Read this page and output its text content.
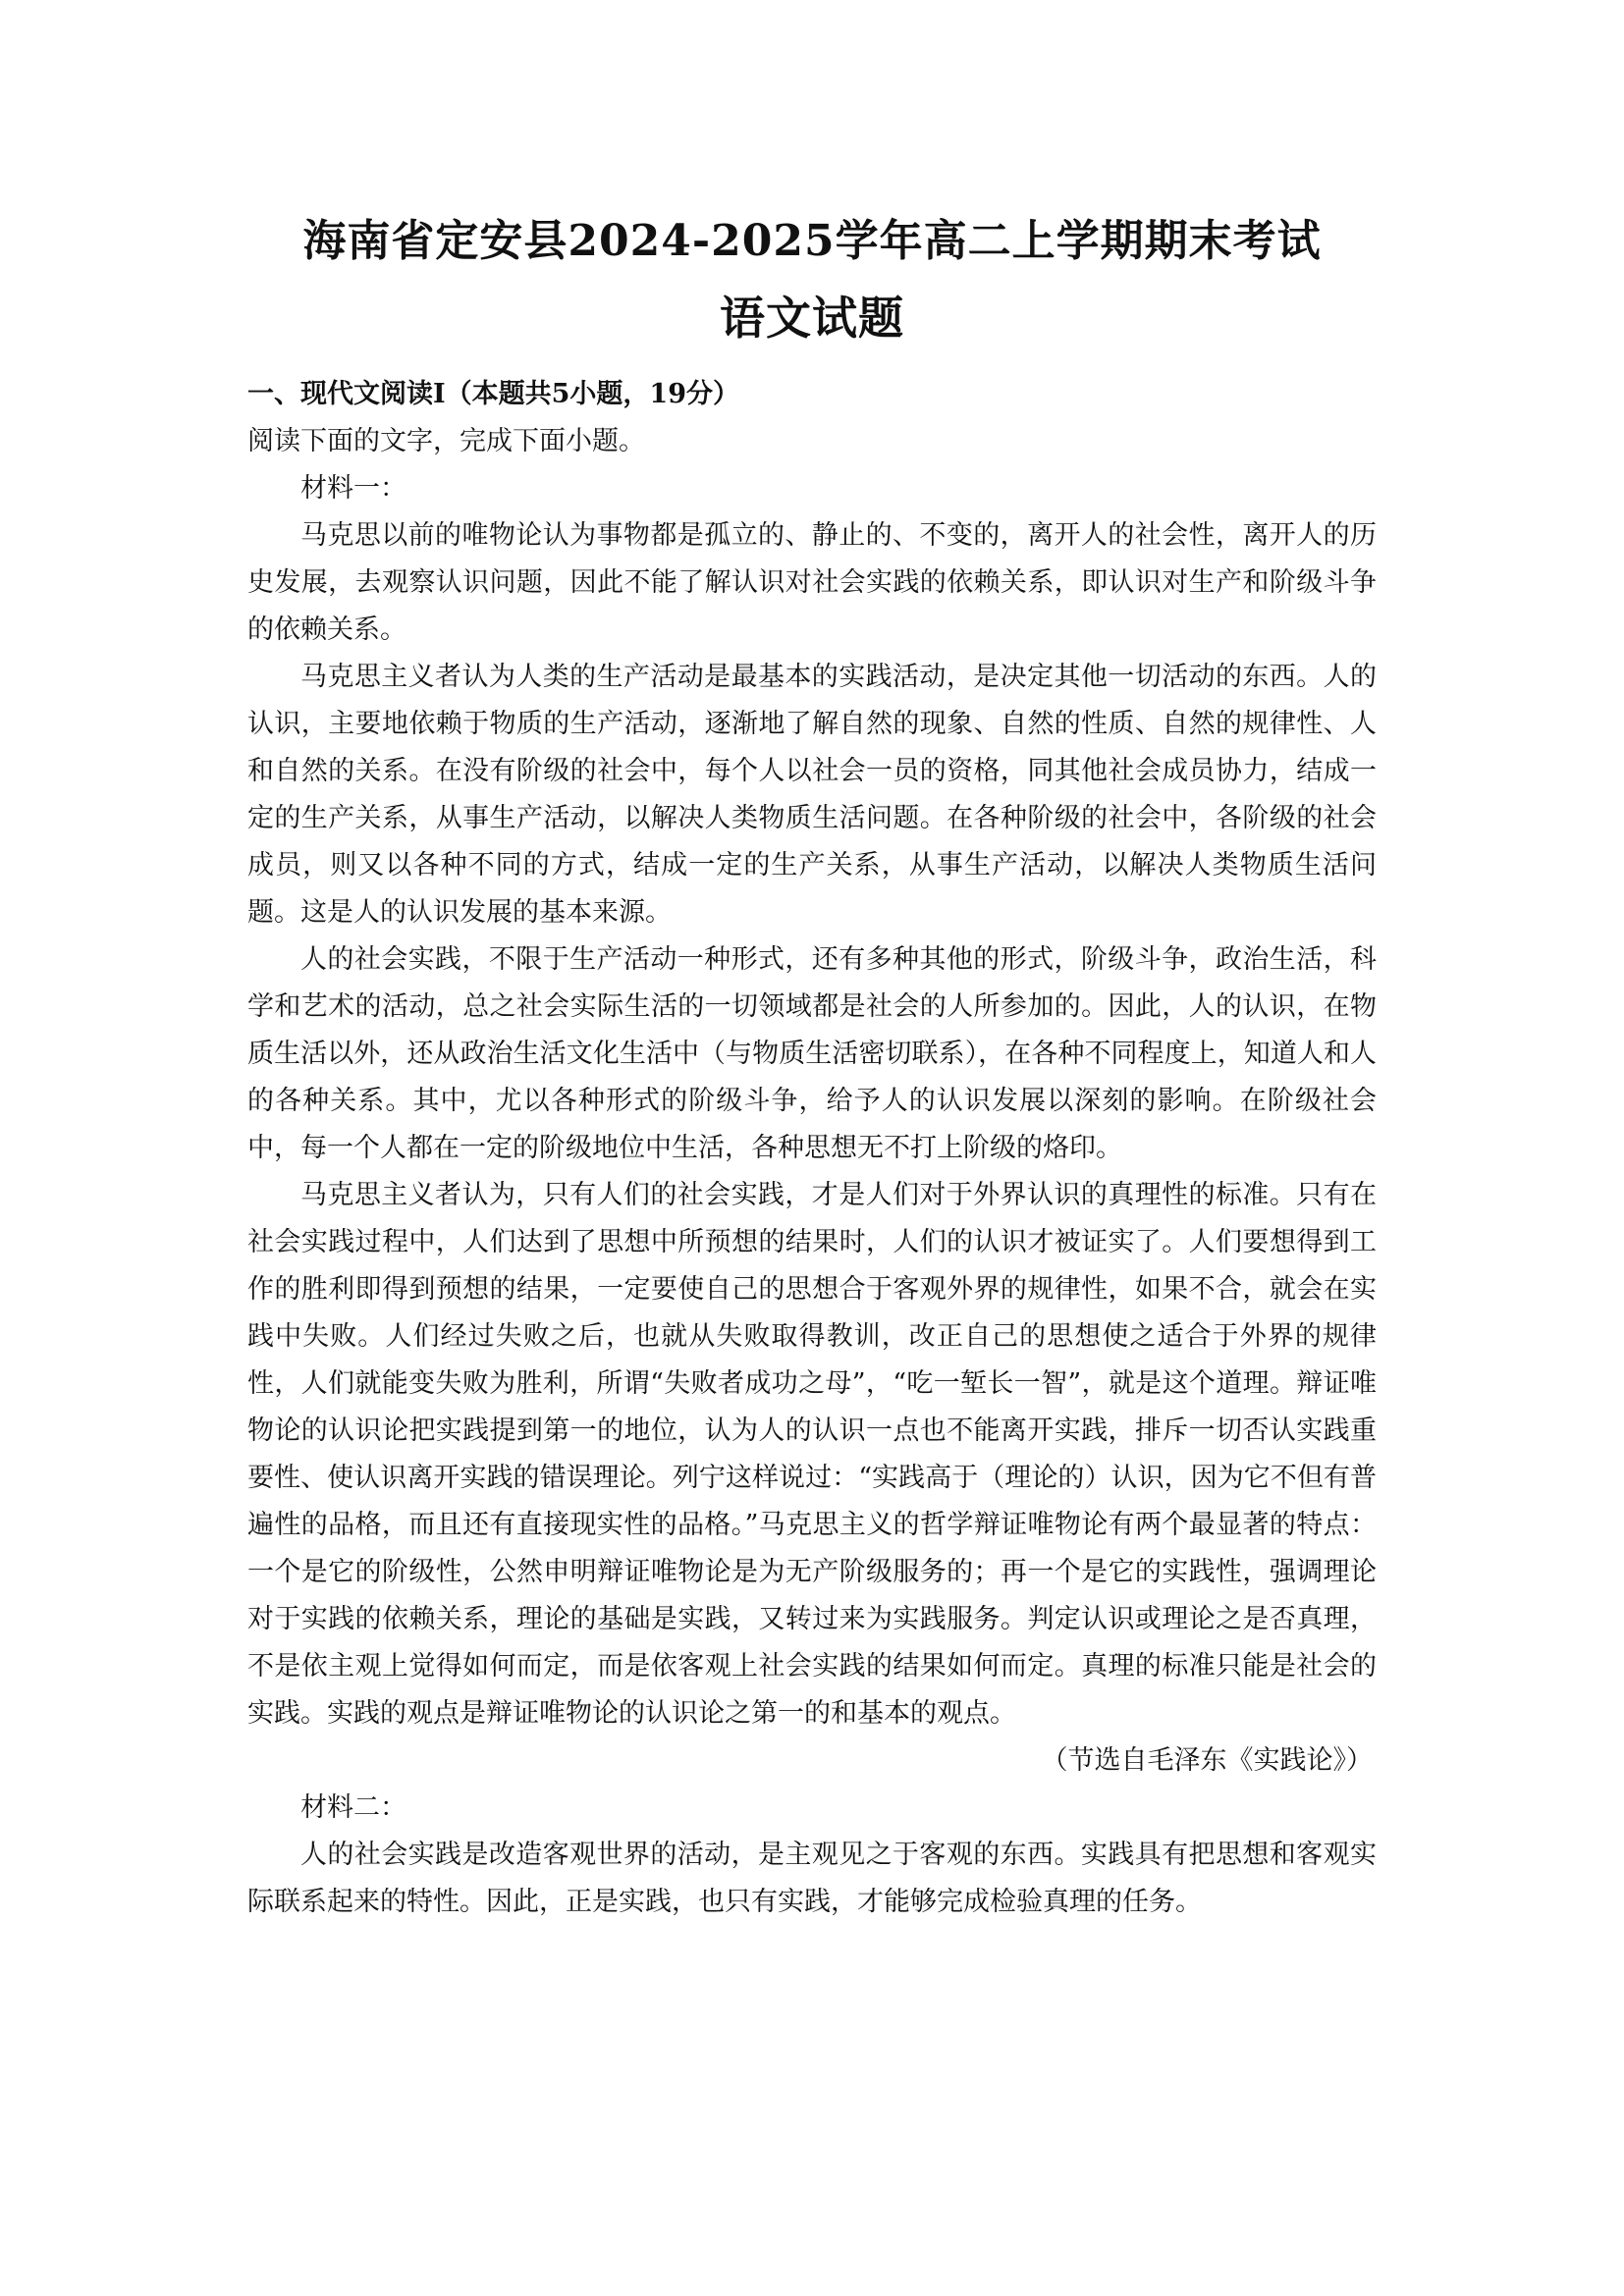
海南省定安县2024-2025学年高二上学期期末考试
语文试题

一、现代文阅读Ⅰ（本题共5小题，19分）

阅读下面的文字，完成下面小题。

材料一：

马克思以前的唯物论认为事物都是孤立的、静止的、不变的，离开人的社会性，离开人的历史发展，去观察认识问题，因此不能了解认识对社会实践的依赖关系，即认识对生产和阶级斗争的依赖关系。

马克思主义者认为人类的生产活动是最基本的实践活动，是决定其他一切活动的东西。人的认识，主要地依赖于物质的生产活动，逐渐地了解自然的现象、自然的性质、自然的规律性、人和自然的关系。在没有阶级的社会中，每个人以社会一员的资格，同其他社会成员协力，结成一定的生产关系，从事生产活动，以解决人类物质生活问题。在各种阶级的社会中，各阶级的社会成员，则又以各种不同的方式，结成一定的生产关系，从事生产活动，以解决人类物质生活问题。这是人的认识发展的基本来源。

人的社会实践，不限于生产活动一种形式，还有多种其他的形式，阶级斗争，政治生活，科学和艺术的活动，总之社会实际生活的一切领域都是社会的人所参加的。因此，人的认识，在物质生活以外，还从政治生活文化生活中（与物质生活密切联系），在各种不同程度上，知道人和人的各种关系。其中，尤以各种形式的阶级斗争，给予人的认识发展以深刻的影响。在阶级社会中，每一个人都在一定的阶级地位中生活，各种思想无不打上阶级的烙印。

马克思主义者认为，只有人们的社会实践，才是人们对于外界认识的真理性的标准。只有在社会实践过程中，人们达到了思想中所预想的结果时，人们的认识才被证实了。人们要想得到工作的胜利即得到预想的结果，一定要使自己的思想合于客观外界的规律性，如果不合，就会在实践中失败。人们经过失败之后，也就从失败取得教训，改正自己的思想使之适合于外界的规律性，人们就能变失败为胜利，所谓“失败者成功之母”，“吃一堑长一智”，就是这个道理。辩证唯物论的认识论把实践提到第一的地位，认为人的认识一点也不能离开实践，排斥一切否认实践重要性、使认识离开实践的错误理论。列宁这样说过：“实践高于（理论的）认识，因为它不但有普遍性的品格，而且还有直接现实性的品格。”马克思主义的哲学辩证唯物论有两个最显著的特点：一个是它的阶级性，公然申明辩证唯物论是为无产阶级服务的；再一个是它的实践性，强调理论对于实践的依赖关系，理论的基础是实践，又转过来为实践服务。判定认识或理论之是否真理，不是依主观上觉得如何而定，而是依客观上社会实践的结果如何而定。真理的标准只能是社会的实践。实践的观点是辩证唯物论的认识论之第一的和基本的观点。

（节选自毛泽东《实践论》）

材料二：

人的社会实践是改造客观世界的活动，是主观见之于客观的东西。实践具有把思想和客观实际联系起来的特性。因此，正是实践，也只有实践，才能够完成检验真理的任务。
